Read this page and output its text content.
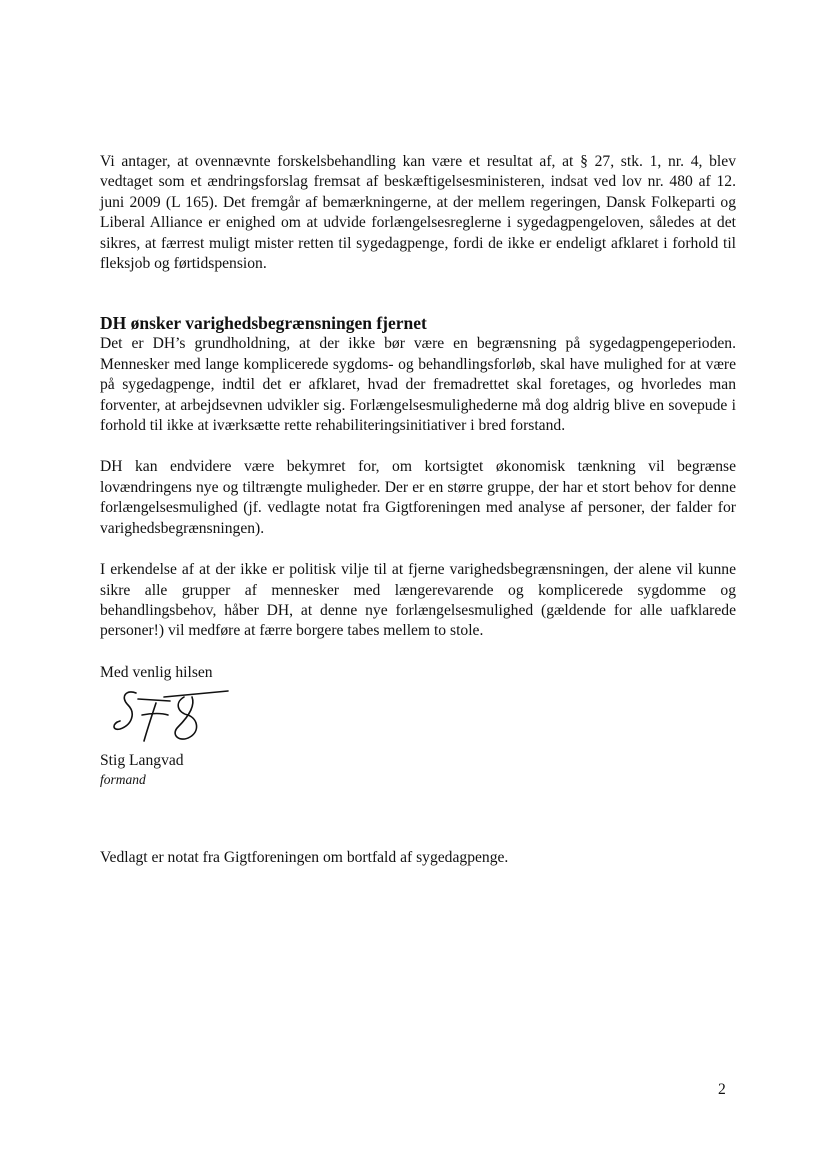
Vi antager, at ovennævnte forskelsbehandling kan være et resultat af, at § 27, stk. 1, nr. 4, blev vedtaget som et ændringsforslag fremsat af beskæftigelsesministeren, indsat ved lov nr. 480 af 12. juni 2009 (L 165). Det fremgår af bemærkningerne, at der mellem regeringen, Dansk Folkeparti og Liberal Alliance er enighed om at udvide forlængelsesreglerne i sygedagpengeloven, således at det sikres, at færrest muligt mister retten til sygedagpenge, fordi de ikke er endeligt afklaret i forhold til fleksjob og førtidspension.

DH ønsker varighedsbegrænsningen fjernet

Det er DH’s grundholdning, at der ikke bør være en begrænsning på sygedagpengeperioden. Mennesker med lange komplicerede sygdoms- og behandlingsforløb, skal have mulighed for at være på sygedagpenge, indtil det er afklaret, hvad der fremadrettet skal foretages, og hvorledes man forventer, at arbejdsevnen udvikler sig. Forlængelsesmulighederne må dog aldrig blive en sovepude i forhold til ikke at iværksætte rette rehabiliteringsinitiativer i bred forstand.

DH kan endvidere være bekymret for, om kortsigtet økonomisk tænkning vil begrænse lovændringens nye og tiltrængte muligheder. Der er en større gruppe, der har et stort behov for denne forlængelsesmulighed (jf. vedlagte notat fra Gigtforeningen med analyse af personer, der falder for varighedsbegrænsningen).

I erkendelse af at der ikke er politisk vilje til at fjerne varighedsbegrænsningen, der alene vil kunne sikre alle grupper af mennesker med længerevarende og komplicerede sygdomme og behandlingsbehov, håber DH, at denne nye forlængelsesmulighed (gældende for alle uafklarede personer!) vil medføre at færre borgere tabes mellem to stole.

Med venlig hilsen
Stig Langvad
formand

Vedlagt er notat fra Gigtforeningen om bortfald af sygedagpenge.

2
